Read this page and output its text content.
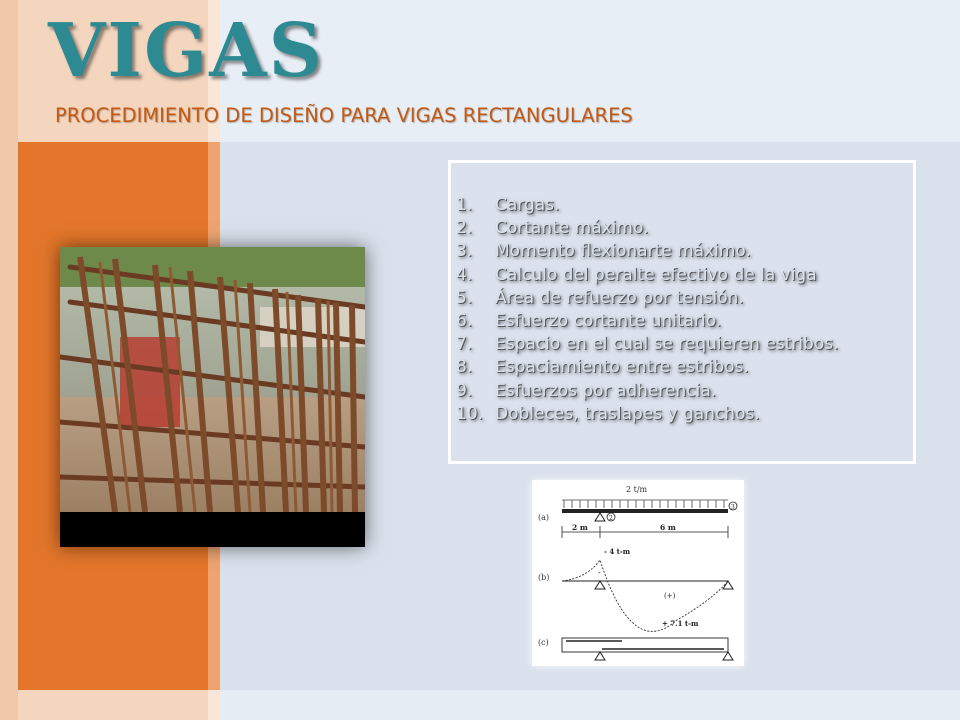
VIGAS
PROCEDIMIENTO DE DISEÑO PARA VIGAS RECTANGULARES
1.	Cargas.
2.	Cortante máximo.
3.	Momento flexionarte máximo.
4.	Calculo del peralte efectivo de la viga
5.	Área de refuerzo por tensión.
6.	Esfuerzo cortante unitario.
7.	Espacio en el cual se requieren estribos.
8.	Espaciamiento entre estribos.
9.	Esfuerzos por adherencia.
10. Dobleces, traslapes y ganchos.
(a)
2 t/m
2
3
2 m	6 m
(b)
- 4 t-m
-
(+)
+ 7.1 t-m
(c)
